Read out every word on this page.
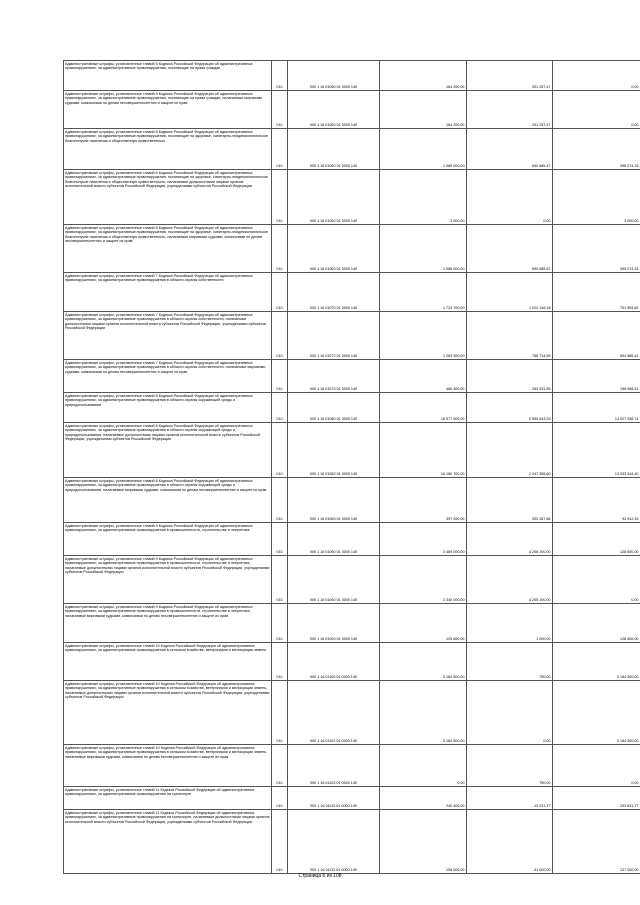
Административные штрафы, установленные главой 5 Кодекса Российской Федерации об административных правонарушениях, за административные правонарушения, посягающие на права граждан	010	000 1 16 01050 01 0000 140	164 200,00	201 257,47	0,00
Административные штрафы, установленные главой 5 Кодекса Российской Федерации об административных правонарушениях, за административные правонарушения, посягающие на права граждан, налагаемые мировыми судьями, комиссиями по делам несовершеннолетних и защите их прав	010	000 1 16 01053 01 0000 140	164 200,00	201 257,47	0,00
Административные штрафы, установленные главой 6 Кодекса Российской Федерации об административных правонарушениях, за административные правонарушения, посягающие на здоровье, санитарно-эпидемиологическое благополучие населения и общественную нравственность	010	000 1 16 01060 01 0000 140	1 089 000,00	690 685,47	398 074,33
Административные штрафы, установленные главой 6 Кодекса Российской Федерации об административных правонарушениях, за административные правонарушения, посягающие на здоровье, санитарно-эпидемиологическое благополучие населения и общественную нравственность, налагаемые должностными лицами органов исполнительной власти субъектов Российской Федерации, учреждениями субъектов Российской Федерации	010	000 1 16 01062 01 0000 140	3 000,00	0,00	3 000,00
Административные штрафы, установленные главой 6 Кодекса Российской Федерации об административных правонарушениях, за административные правонарушения, посягающие на здоровье, санитарно-эпидемиологическое благополучие населения и общественную нравственность, налагаемые мировыми судьями, комиссиями по делам несовершеннолетних и защите их прав	010	000 1 16 01063 01 0000 140	1 086 000,00	690 685,67	395 074,33
Административные штрафы, установленные главой 7 Кодекса Российской Федерации об административных правонарушениях, за административные правонарушения в области охраны собственности	010	000 1 16 01070 01 0000 140	1 723 700,00	1 022 146,18	701 553,82
Административные штрафы, установленные главой 7 Кодекса Российской Федерации об административных правонарушениях, за административные правонарушения в области охраны собственности, налагаемые должностными лицами органов исполнительной власти субъектов Российской Федерации, учреждениями субъектов Российской Федерации	010	000 1 16 01072 01 0000 140	1 263 300,00	758 714,59	504 585,41
Административные штрафы, установленные главой 7 Кодекса Российской Федерации об административных правонарушениях, за административные правонарушения в области охраны собственности, налагаемые мировыми судьями, комиссиями по делам несовершеннолетних и защите их прав	010	000 1 16 01073 01 0000 140	460 400,00	263 431,59	196 968,41
Административные штрафы, установленные главой 8 Кодекса Российской Федерации об административных правонарушениях, за административные правонарушения в области охраны окружающей среды и природопользования	010	000 1 16 01080 01 0000 140	16 577 900,00	2 550 643,26	14 027 256,74
Административные штрафы, установленные главой 8 Кодекса Российской Федерации об административных правонарушениях, за административные правонарушения в области охраны окружающей среды и природопользования, налагаемые должностными лицами органов исполнительной власти субъектов Российской Федерации, учреждениями субъектов Российской Федерации	010	000 1 16 01082 01 0000 140	16 180 700,00	2 247 355,60	13 933 344,40
Административные штрафы, установленные главой 8 Кодекса Российской Федерации об административных правонарушениях, за административные правонарушения в области охраны окружающей среды и природопользования, налагаемые мировыми судьями, комиссиями по делам несовершеннолетних и защите их прав	010	000 1 16 01083 01 0000 140	397 200,00	303 287,66	93 912,34
Административные штрафы, установленные главой 9 Кодекса Российской Федерации об административных правонарушениях, за административные правонарушения в промышленности, строительстве и энергетике	010	000 1 16 01090 01 0000 140	2 469 000,00	4 206 100,00	128 600,00
Административные штрафы, установленные главой 9 Кодекса Российской Федерации об административных правонарушениях, за административные правонарушения в промышленности, строительстве и энергетике, налагаемые должностными лицами органов исполнительной власти субъектов Российской Федерации, учреждениями субъектов Российской Федерации	010	000 1 16 01092 01 0000 140	2 340 000,00	4 205 100,00	0,00
Административные штрафы, установленные главой 9 Кодекса Российской Федерации об административных правонарушениях, за административные правонарушения в промышленности, строительстве и энергетике, налагаемые мировыми судьями, комиссиями по делам несовершеннолетних и защите их прав	010	000 1 16 01093 01 0000 140	129 600,00	1 000,00	128 600,00
Административные штрафы, установленные главой 10 Кодекса Российской Федерации об административных правонарушениях, за административные правонарушения в сельском хозяйстве, ветеринарии и мелиорации земель	010	000 1 16 01100 01 0000 140	3 164 500,00	750,00	3 164 500,00
Административные штрафы, установленные главой 10 Кодекса Российской Федерации об административных правонарушениях, за административные правонарушения в сельском хозяйстве, ветеринарии и мелиорации земель, налагаемые должностными лицами органов исполнительной власти субъектов Российской Федерации, учреждениями субъектов Российской Федерации	010	000 1 16 01102 01 0000 140	3 164 500,00	0,00	3 164 500,00
Административные штрафы, установленные главой 10 Кодекса Российской Федерации об административных правонарушениях, за административные правонарушения в сельском хозяйстве, ветеринарии и мелиорации земель, налагаемые мировыми судьями, комиссиями по делам несовершеннолетних и защите их прав	010	000 1 16 01103 01 0000 140	0,00	750,00	0,00
Административные штрафы, установленные главой 11 Кодекса Российской Федерации об административных правонарушениях, за административные правонарушения на транспорте	010	000 1 16 01110 01 0000 140	240 400,00	-13 231,77	253 631,77
Административные штрафы, установленные главой 11 Кодекса Российской Федерации об административных правонарушениях, за административные правонарушения на транспорте, налагаемые должностными лицами органов исполнительной власти субъектов Российской Федерации, учреждениями субъектов Российской Федерации	010	000 1 16 01112 01 0000 140	106 000,00	-31 000,00	137 000,00
Страница 6 из 108
